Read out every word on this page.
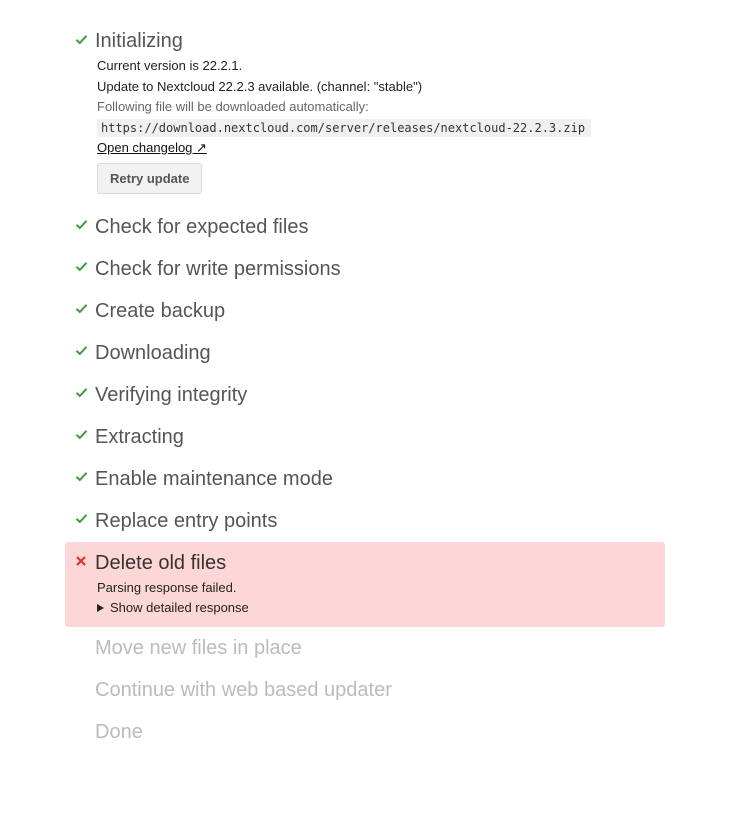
Initializing
Current version is 22.2.1.
Update to Nextcloud 22.2.3 available. (channel: "stable")
Following file will be downloaded automatically:
https://download.nextcloud.com/server/releases/nextcloud-22.2.3.zip
Open changelog ↗
Retry update
Check for expected files
Check for write permissions
Create backup
Downloading
Verifying integrity
Extracting
Enable maintenance mode
Replace entry points
Delete old files
Parsing response failed.
Show detailed response
Move new files in place
Continue with web based updater
Done
